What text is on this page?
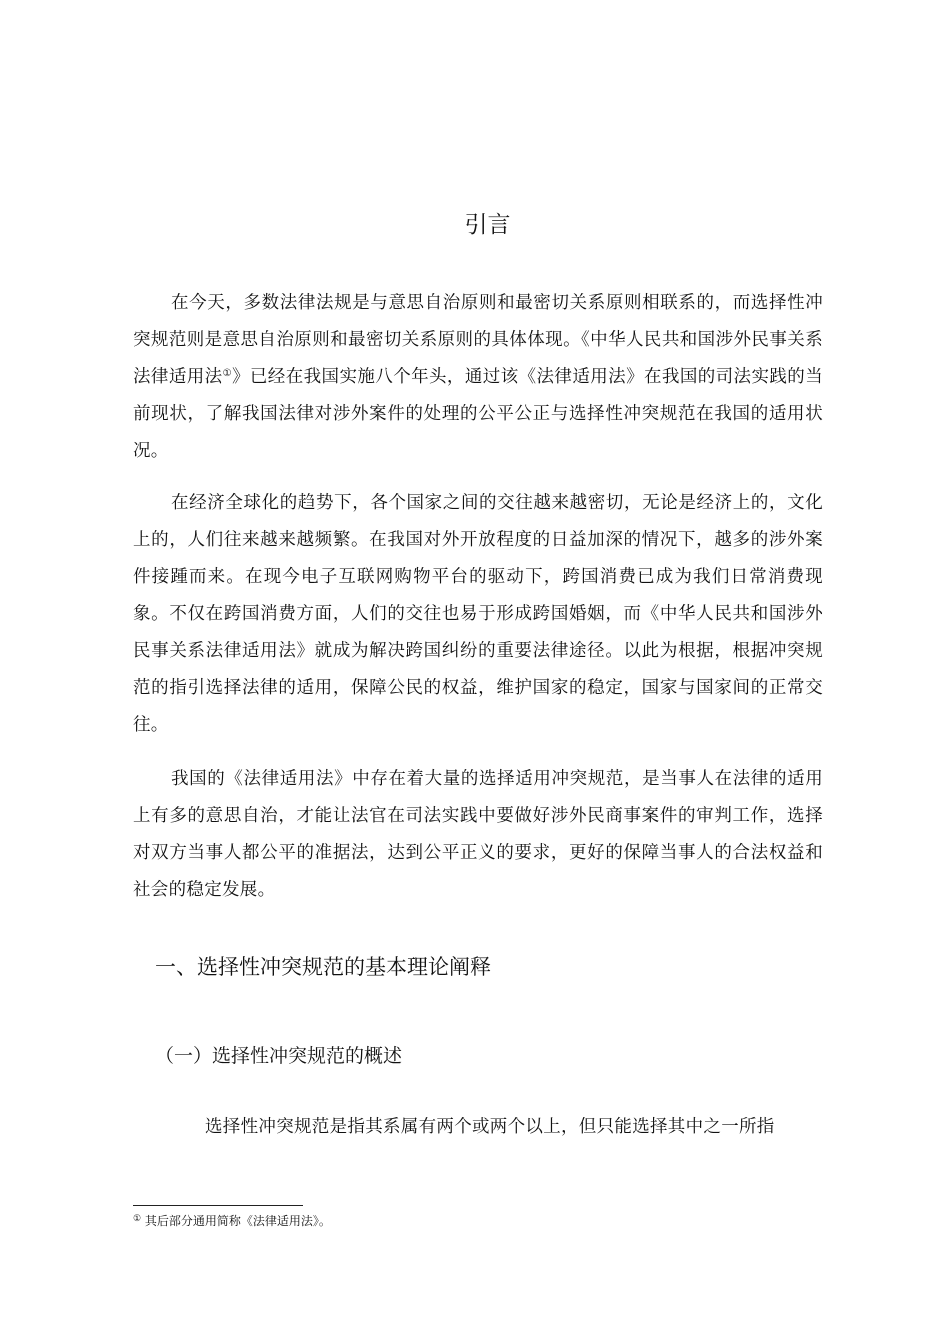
引言

在今天，多数法律法规是与意思自治原则和最密切关系原则相联系的，而选择性冲突规范则是意思自治原则和最密切关系原则的具体体现。《中华人民共和国涉外民事关系法律适用法①》已经在我国实施八个年头，通过该《法律适用法》在我国的司法实践的当前现状，了解我国法律对涉外案件的处理的公平公正与选择性冲突规范在我国的适用状况。

在经济全球化的趋势下，各个国家之间的交往越来越密切，无论是经济上的，文化上的，人们往来越来越频繁。在我国对外开放程度的日益加深的情况下，越多的涉外案件接踵而来。在现今电子互联网购物平台的驱动下，跨国消费已成为我们日常消费现象。不仅在跨国消费方面，人们的交往也易于形成跨国婚姻，而《中华人民共和国涉外民事关系法律适用法》就成为解决跨国纠纷的重要法律途径。以此为根据，根据冲突规范的指引选择法律的适用，保障公民的权益，维护国家的稳定，国家与国家间的正常交往。

我国的《法律适用法》中存在着大量的选择适用冲突规范，是当事人在法律的适用上有多的意思自治，才能让法官在司法实践中要做好涉外民商事案件的审判工作，选择对双方当事人都公平的准据法，达到公平正义的要求，更好的保障当事人的合法权益和社会的稳定发展。

一、选择性冲突规范的基本理论阐释
（一）选择性冲突规范的概述

选择性冲突规范是指其系属有两个或两个以上，但只能选择其中之一所指

① 其后部分通用简称《法律适用法》。
